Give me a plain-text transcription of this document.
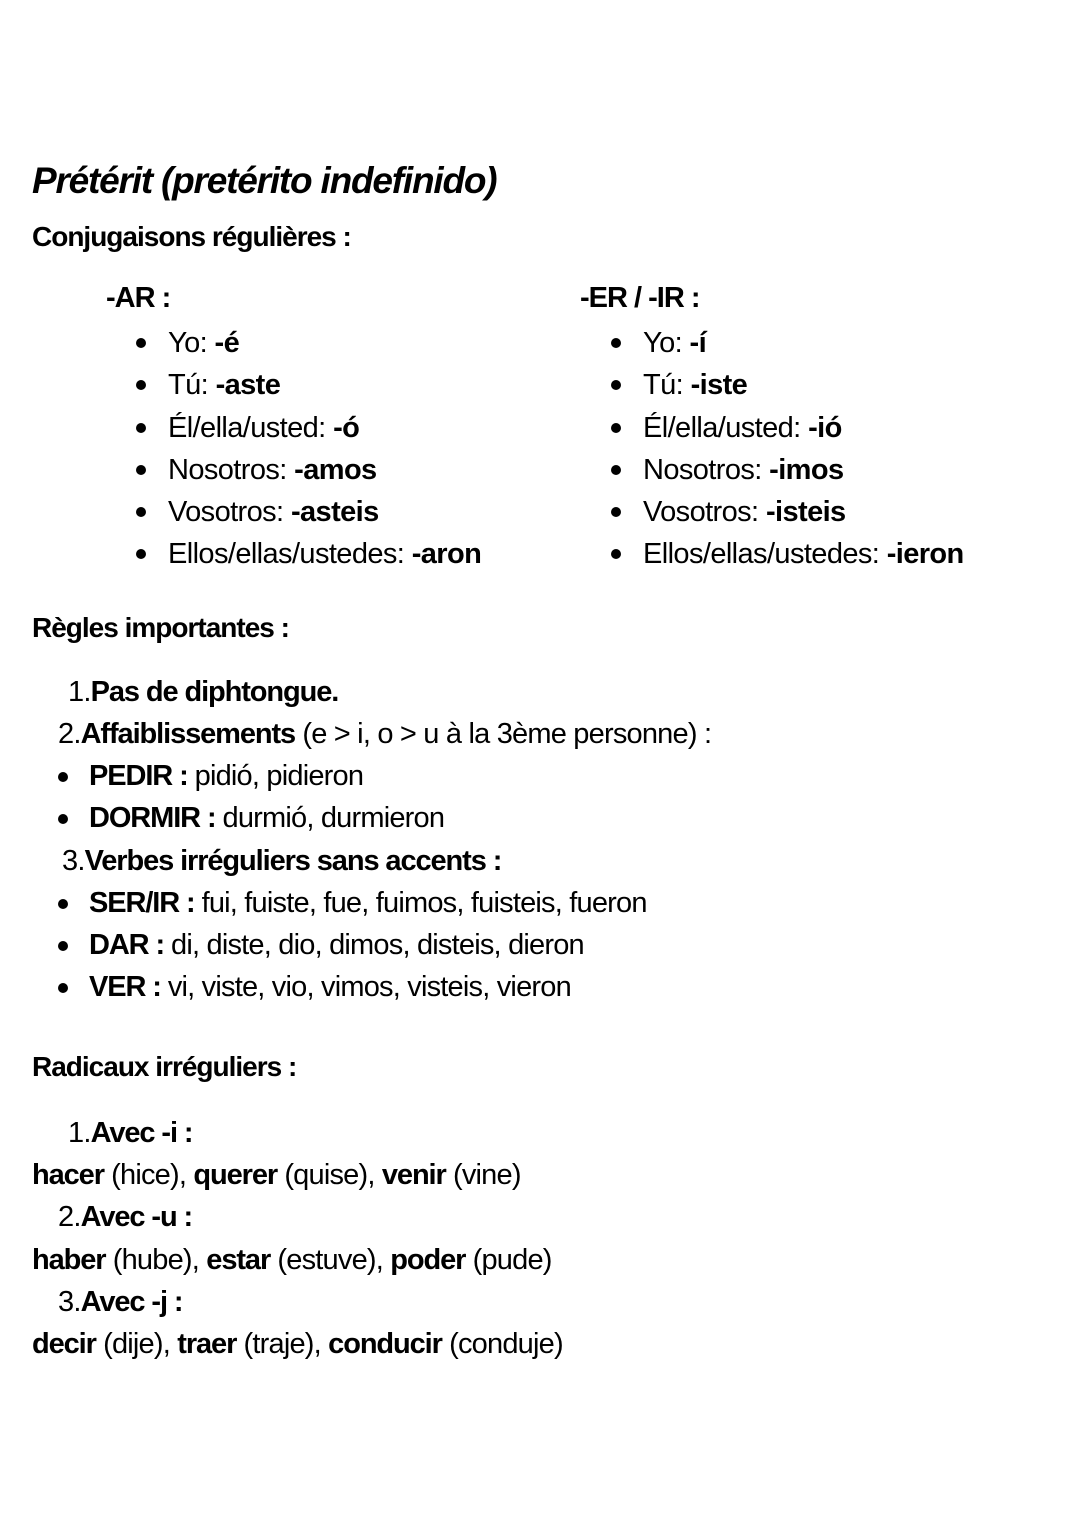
Prétérit (pretérito indefinido)
Conjugaisons régulières :
-AR :
Yo: -é
Tú: -aste
Él/ella/usted: -ó
Nosotros: -amos
Vosotros: -asteis
Ellos/ellas/ustedes: -aron
-ER / -IR :
Yo: -í
Tú: -iste
Él/ella/usted: -ió
Nosotros: -imos
Vosotros: -isteis
Ellos/ellas/ustedes: -ieron
Règles importantes :
1.Pas de diphtongue.
2.Affaiblissements (e > i, o > u à la 3ème personne) :
PEDIR : pidió, pidieron
DORMIR : durmió, durmieron
3.Verbes irréguliers sans accents :
SER/IR : fui, fuiste, fue, fuimos, fuisteis, fueron
DAR : di, diste, dio, dimos, disteis, dieron
VER : vi, viste, vio, vimos, visteis, vieron
Radicaux irréguliers :
1.Avec -i :
hacer (hice), querer (quise), venir (vine)
2.Avec -u :
haber (hube), estar (estuve), poder (pude)
3.Avec -j :
decir (dije), traer (traje), conducir (conduje)
